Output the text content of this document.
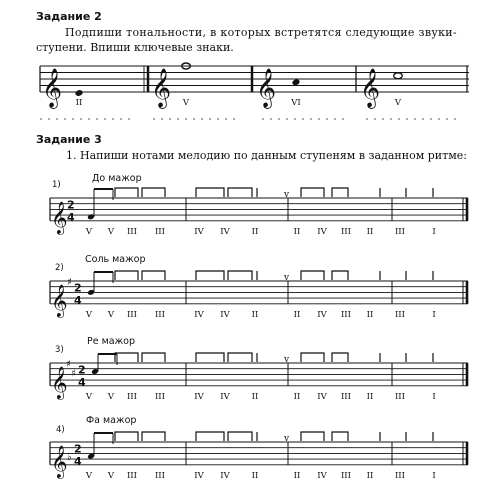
Задание 2
Подпиши тональности, в которых встретятся следующие звуки-
ступени. Впиши ключевые знаки.
𝄞	𝄞 𝄞 𝄞
II	V	VI	V
Задание 3
1. Напиши нотами мелодию по данным ступеням в заданном ритме:
1)
До мажор
2)
Соль мажор
3)
Ре мажор
4)
Фа мажор
𝄞 2
4
v
V V III III	IV IV	II	II IV III II	III	I
𝄞
♯ 2
4
v
V V III III	IV IV	II	II IV III II	III	I
𝄞
♯
♯ 2
4
v
V V III III	IV IV	II	II IV III II	III	I
𝄞 ♭
2
4
v
V V III III	IV IV	II	II IV III II	III	I
